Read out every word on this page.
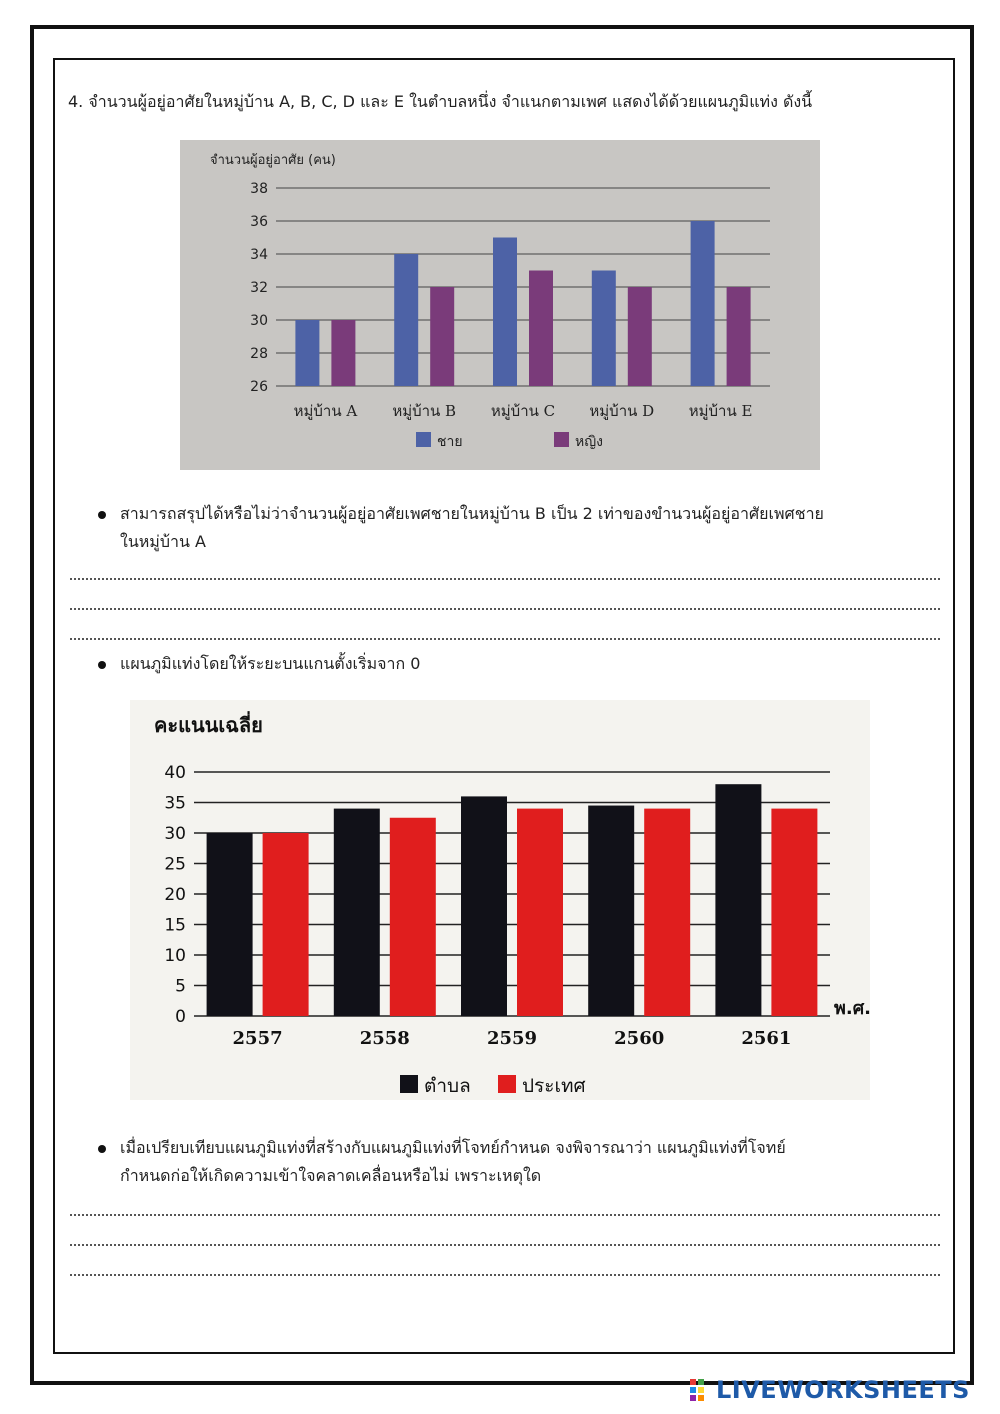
4. จำนวนผู้อยู่อาศัยในหมู่บ้าน A, B, C, D และ E ในตำบลหนึ่ง จำแนกตามเพศ แสดงได้ด้วยแผนภูมิแท่ง ดังนี้
จำนวนผู้อยู่อาศัย (คน)
26
28
30
32
34
36
38
หมู่บ้าน A หมู่บ้าน B หมู่บ้าน C หมู่บ้าน D หมู่บ้าน E
ชาย	หญิง
สามารถสรุปได้หรือไม่ว่าจำนวนผู้อยู่อาศัยเพศชายในหมู่บ้าน B เป็น 2 เท่าของขำนวนผู้อยู่อาศัยเพศชาย
ในหมู่บ้าน A
แผนภูมิแท่งโดยให้ระยะบนแกนตั้งเริ่มจาก 0
คะแนนเฉลี่ย
0
5
10
15
20
25
30
35
40
2557	2558	2559	2560	2561
พ.ศ.
ตำบล	ประเทศ
เมื่อเปรียบเทียบแผนภูมิแท่งที่สร้างกับแผนภูมิแท่งที่โจทย์กำหนด จงพิจารณาว่า แผนภูมิแท่งที่โจทย์
กำหนดก่อให้เกิดความเข้าใจคลาดเคลื่อนหรือไม่ เพราะเหตุใด
LIVEWORKSHEETS
